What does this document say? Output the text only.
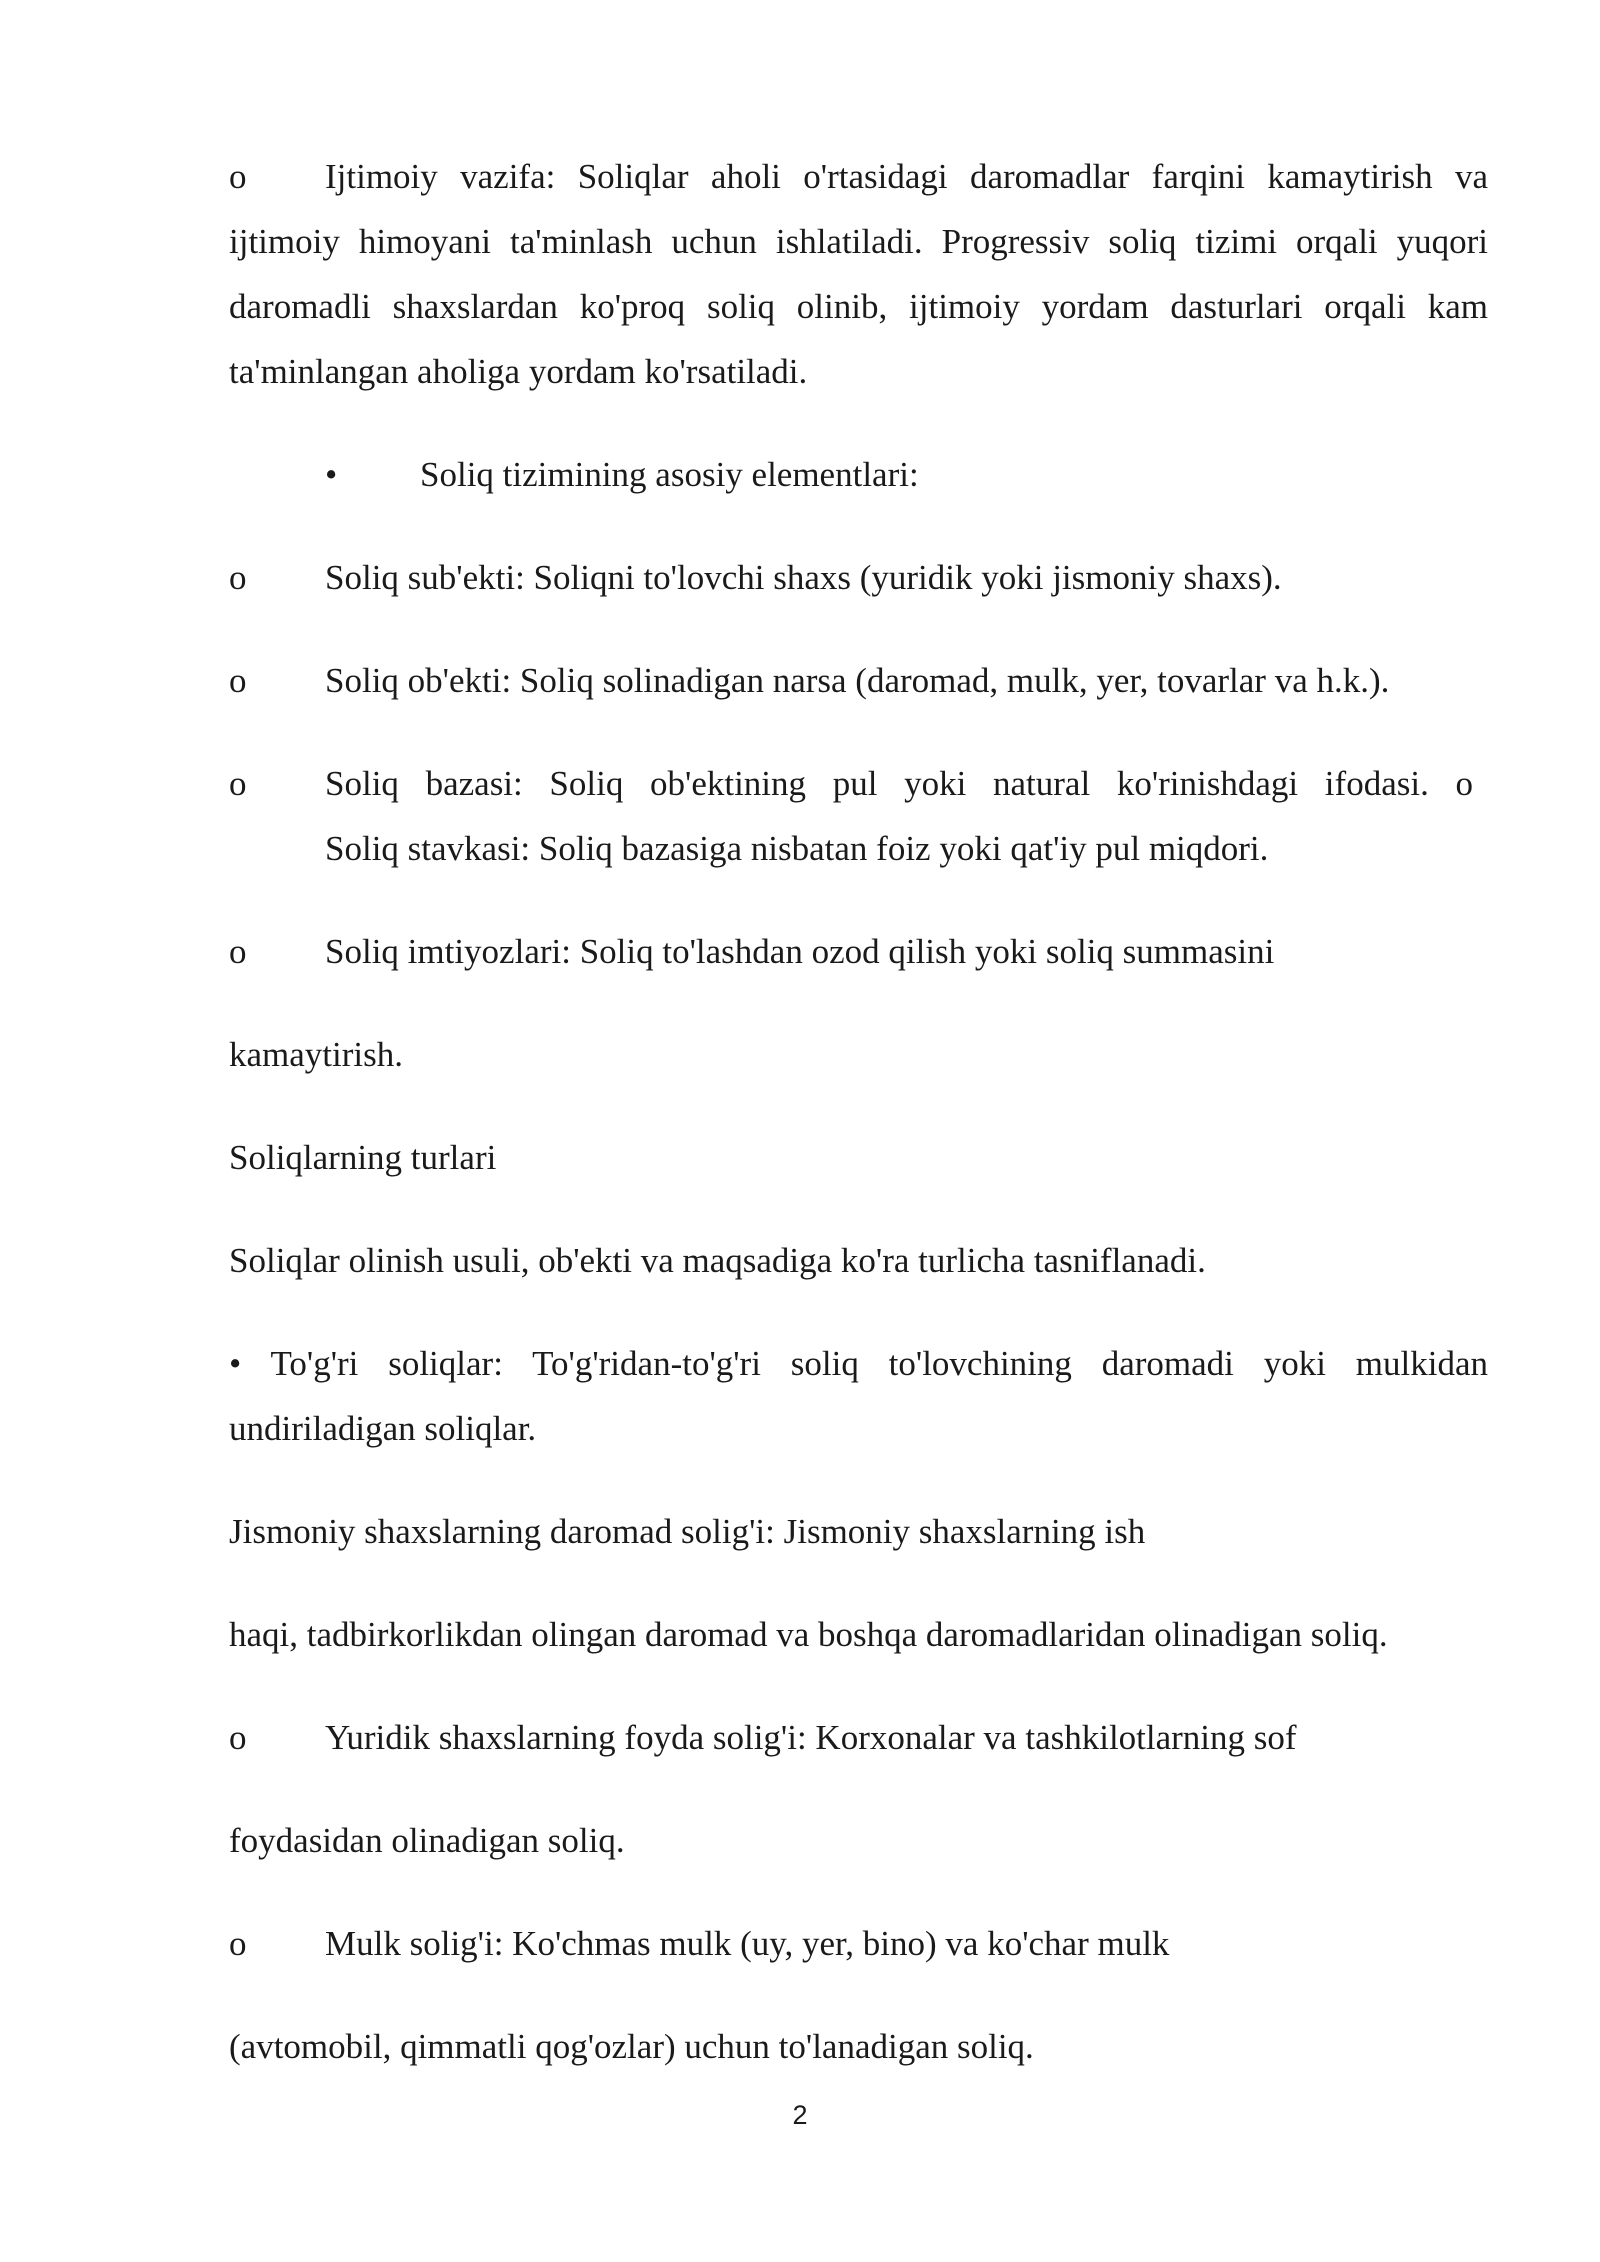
o Ijtimoiy vazifa: Soliqlar aholi o'rtasidagi daromadlar farqini kamaytirish va
ijtimoiy himoyani ta'minlash uchun ishlatiladi. Progressiv soliq tizimi orqali yuqori
daromadli shaxslardan ko'proq soliq olinib, ijtimoiy yordam dasturlari orqali kam
ta'minlangan aholiga yordam ko'rsatiladi.
• Soliq tizimining asosiy elementlari:
o Soliq sub'ekti: Soliqni to'lovchi shaxs (yuridik yoki jismoniy shaxs).
o Soliq ob'ekti: Soliq solinadigan narsa (daromad, mulk, yer, tovarlar va h.k.).
o Soliq bazasi: Soliq ob'ektining pul yoki natural ko'rinishdagi ifodasi. o
Soliq stavkasi: Soliq bazasiga nisbatan foiz yoki qat'iy pul miqdori.
o Soliq imtiyozlari: Soliq to'lashdan ozod qilish yoki soliq summasini
kamaytirish.
Soliqlarning turlari
Soliqlar olinish usuli, ob'ekti va maqsadiga ko'ra turlicha tasniflanadi.
• To'g'ri soliqlar: To'g'ridan-to'g'ri soliq to'lovchining daromadi yoki mulkidan
undiriladigan soliqlar.
Jismoniy shaxslarning daromad solig'i: Jismoniy shaxslarning ish
haqi, tadbirkorlikdan olingan daromad va boshqa daromadlaridan olinadigan soliq.
o Yuridik shaxslarning foyda solig'i: Korxonalar va tashkilotlarning sof
foydasidan olinadigan soliq.
o Mulk solig'i: Ko'chmas mulk (uy, yer, bino) va ko'char mulk
(avtomobil, qimmatli qog'ozlar) uchun to'lanadigan soliq.
2
